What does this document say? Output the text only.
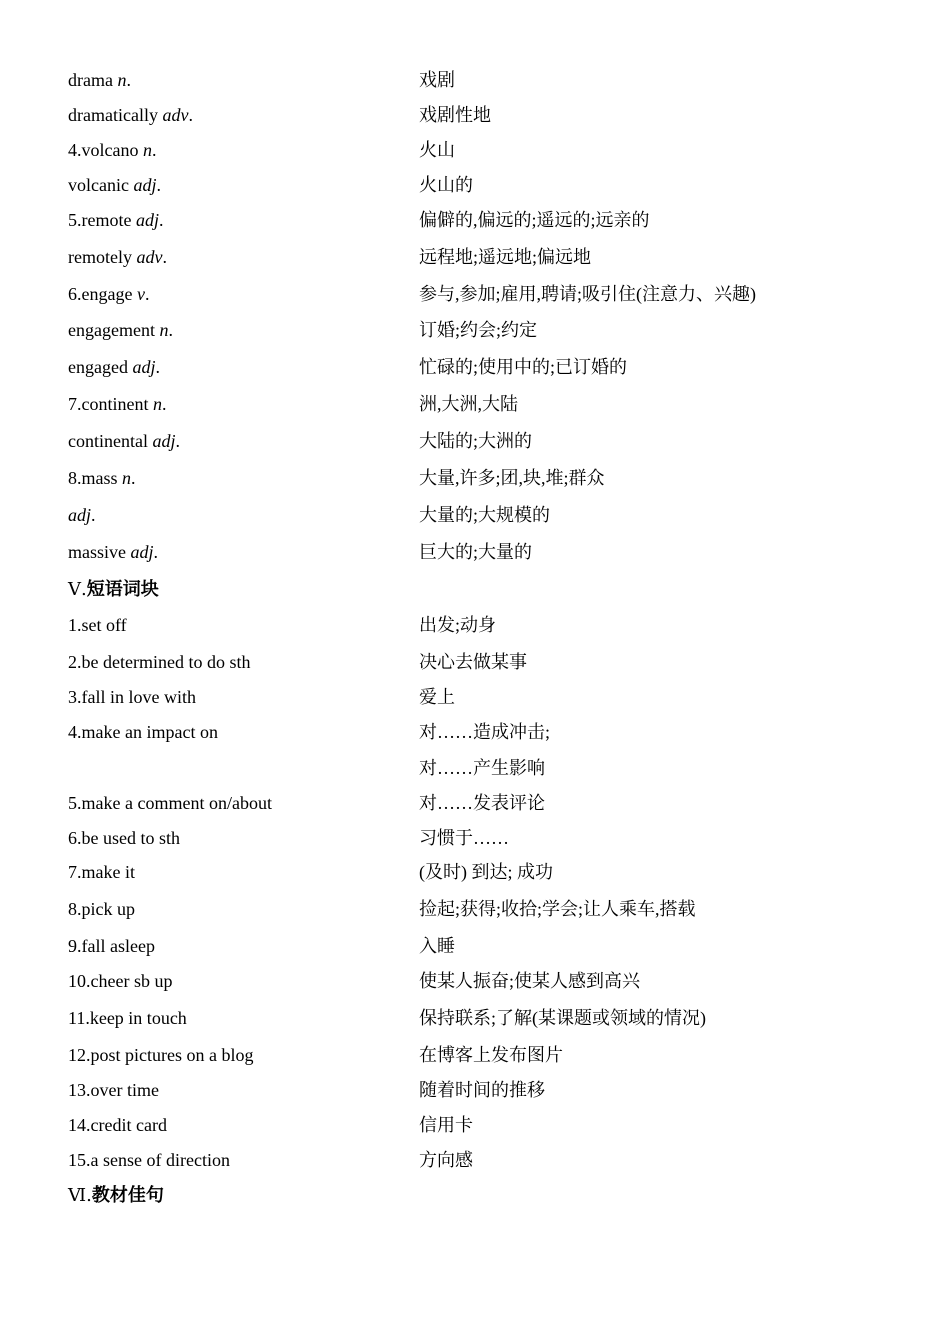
drama n.	戏剧
dramatically adv.	戏剧性地
4.volcano n.	火山
volcanic adj.	火山的
5.remote adj.	偏僻的,偏远的;遥远的;远亲的
remotely adv.	远程地;遥远地;偏远地
6.engage v.	参与,参加;雇用,聘请;吸引住(注意力、兴趣)
engagement n.	订婚;约会;约定
engaged adj.	忙碌的;使用中的;已订婚的
7.continent n.	洲,大洲,大陆
continental adj.	大陆的;大洲的
8.mass n.	大量,许多;团,块,堆;群众
adj.	大量的;大规模的
massive adj.	巨大的;大量的
Ⅴ.短语词块
1.set off	出发;动身
2.be determined to do sth	决心去做某事
3.fall in love with	爱上
4.make an impact on	对……造成冲击;
对……产生影响
5.make a comment on/about	对……发表评论
6.be used to sth	习惯于……
7.make it	(及时) 到达; 成功
8.pick up	捡起;获得;收拾;学会;让人乘车,搭载
9.fall asleep	入睡
10.cheer sb up	使某人振奋;使某人感到高兴
11.keep in touch	保持联系;了解(某课题或领域的情况)
12.post pictures on a blog	在博客上发布图片
13.over time	随着时间的推移
14.credit card	信用卡
15.a sense of direction	方向感
Ⅵ.教材佳句
